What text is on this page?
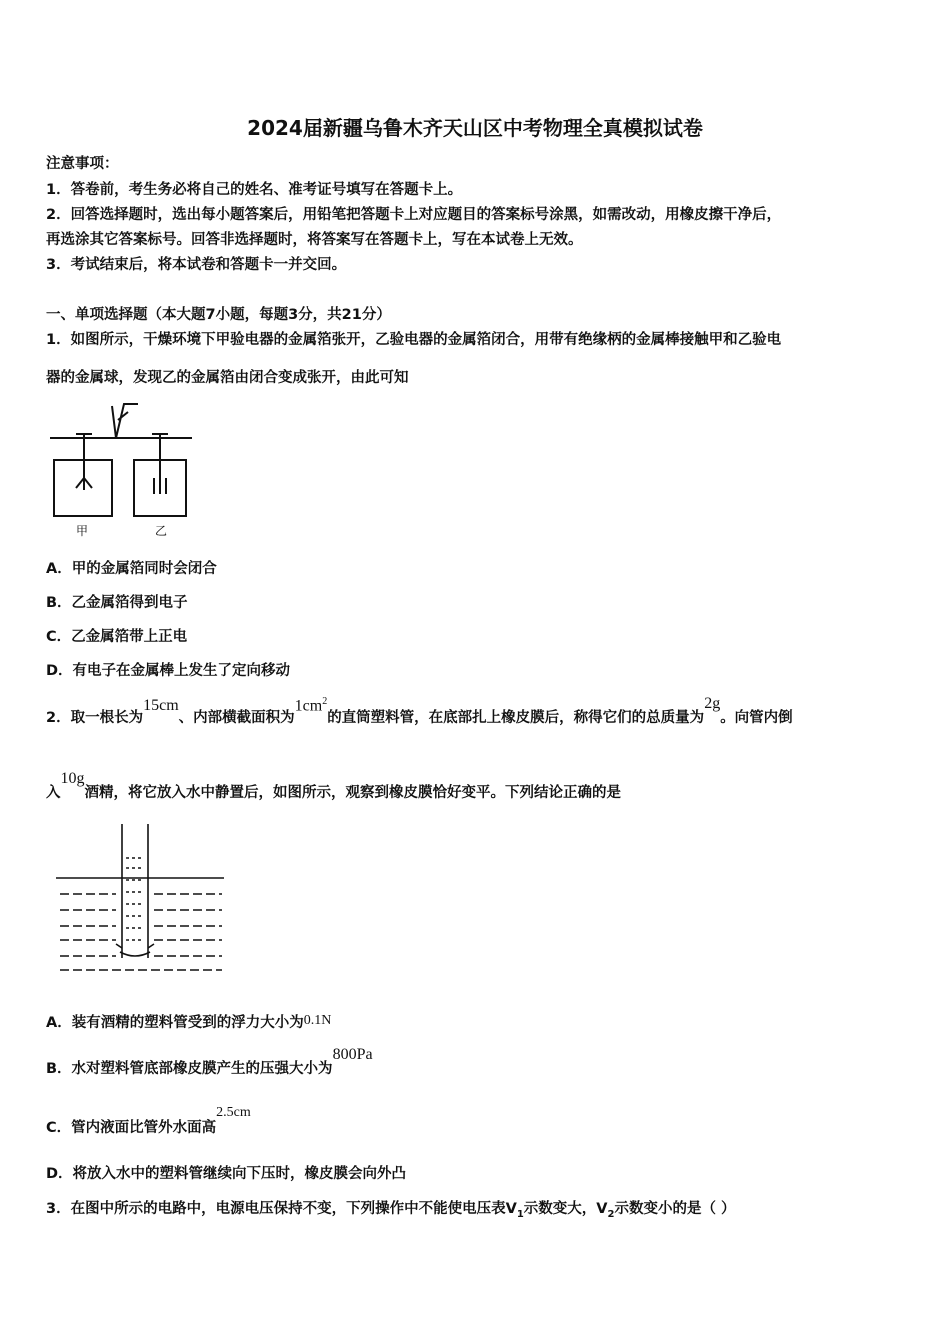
2024届新疆乌鲁木齐天山区中考物理全真模拟试卷
注意事项：
1．答卷前，考生务必将自己的姓名、准考证号填写在答题卡上。
2．回答选择题时，选出每小题答案后，用铅笔把答题卡上对应题目的答案标号涂黑，如需改动，用橡皮擦干净后，
再选涂其它答案标号。回答非选择题时，将答案写在答题卡上，写在本试卷上无效。
3．考试结束后，将本试卷和答题卡一并交回。
一、单项选择题（本大题7小题，每题3分，共21分）
1．如图所示，干燥环境下甲验电器的金属箔张开，乙验电器的金属箔闭合，用带有绝缘柄的金属棒接触甲和乙验电
器的金属球，发现乙的金属箔由闭合变成张开，由此可知
甲	乙
A．甲的金属箔同时会闭合
B．乙金属箔得到电子
C．乙金属箔带上正电
D．有电子在金属棒上发生了定向移动
2．取一根长为15cm、内部横截面积为$1cm^2$的直筒塑料管，在底部扎上橡皮膜后，称得它们的总质量为2g。向管内倒
入10g酒精，将它放入水中静置后，如图所示，观察到橡皮膜恰好变平。下列结论正确的是
A．装有酒精的塑料管受到的浮力大小为0.1N
B．水对塑料管底部橡皮膜产生的压强大小为800Pa
C．管内液面比管外水面高2.5cm
D．将放入水中的塑料管继续向下压时，橡皮膜会向外凸
3．在图中所示的电路中，电源电压保持不变，下列操作中不能使电压表$V_1$示数变大，$V_2$示数变小的是（ ）
